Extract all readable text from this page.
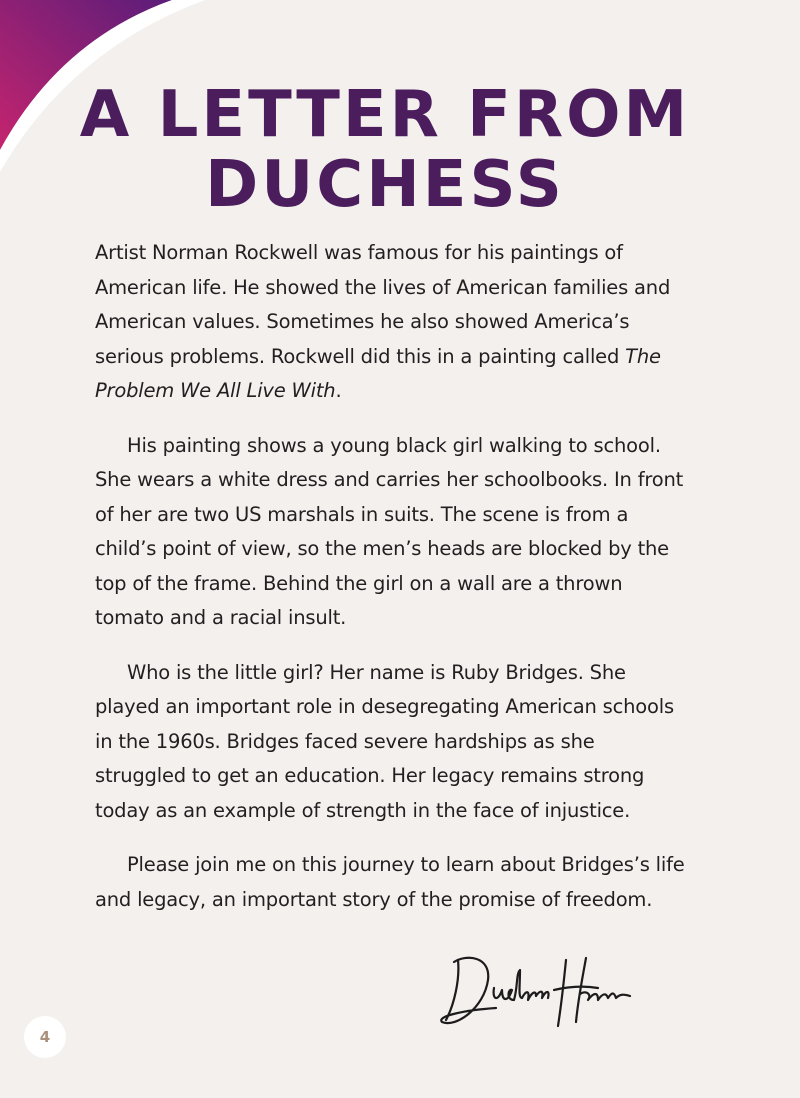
A LETTER FROM
DUCHESS

Artist Norman Rockwell was famous for his paintings of American life. He showed the lives of American families and American values. Sometimes he also showed America’s serious problems. Rockwell did this in a painting called The Problem We All Live With.

His painting shows a young black girl walking to school. She wears a white dress and carries her schoolbooks. In front of her are two US marshals in suits. The scene is from a child’s point of view, so the men’s heads are blocked by the top of the frame. Behind the girl on a wall are a thrown tomato and a racial insult.

Who is the little girl? Her name is Ruby Bridges. She played an important role in desegregating American schools in the 1960s. Bridges faced severe hardships as she struggled to get an education. Her legacy remains strong today as an example of strength in the face of injustice.

Please join me on this journey to learn about Bridges’s life and legacy, an important story of the promise of freedom.

4
